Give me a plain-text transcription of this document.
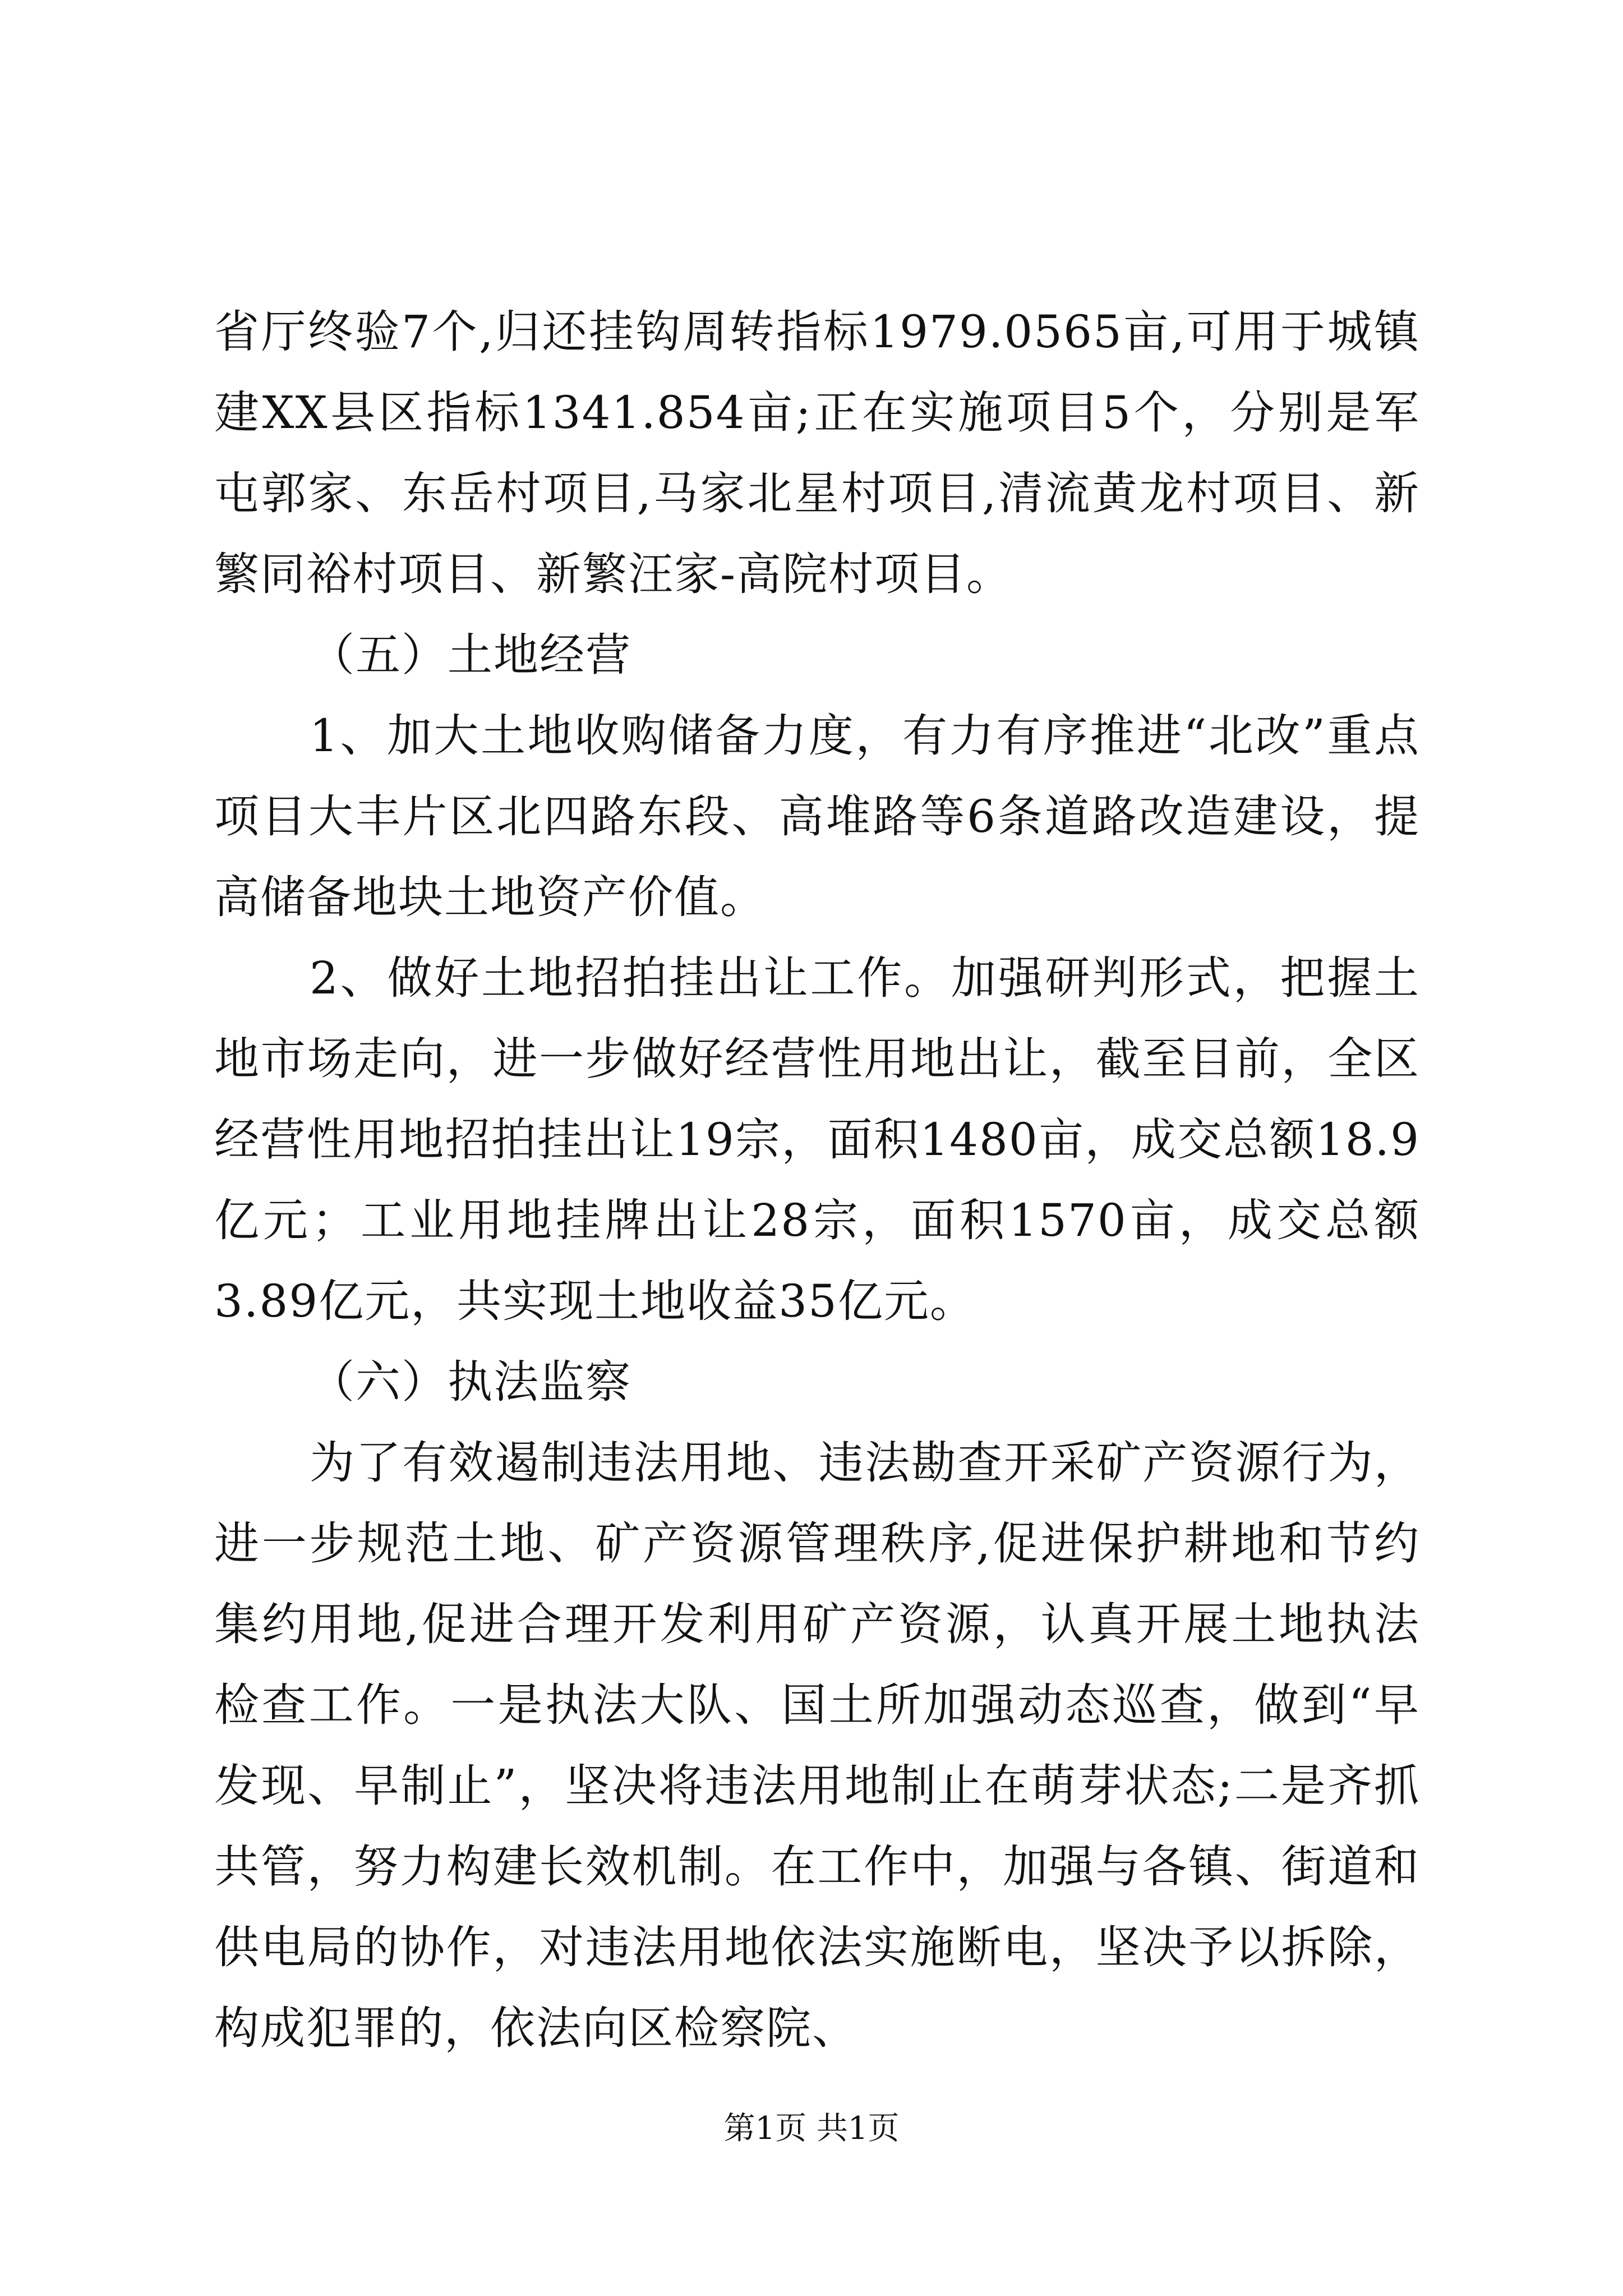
省厅终验7个,归还挂钩周转指标1979.0565亩,可用于城镇建XX县区指标1341.854亩;正在实施项目5个，分别是军屯郭家、东岳村项目,马家北星村项目,清流黄龙村项目、新繁同裕村项目、新繁汪家-高院村项目。

（五）土地经营

1、加大土地收购储备力度，有力有序推进“北改”重点项目大丰片区北四路东段、高堆路等6条道路改造建设，提高储备地块土地资产价值。

2、做好土地招拍挂出让工作。加强研判形式，把握土地市场走向，进一步做好经营性用地出让，截至目前，全区经营性用地招拍挂出让19宗，面积1480亩，成交总额18.9亿元；工业用地挂牌出让28宗，面积1570亩，成交总额3.89亿元，共实现土地收益35亿元。

（六）执法监察

为了有效遏制违法用地、违法勘查开采矿产资源行为，进一步规范土地、矿产资源管理秩序,促进保护耕地和节约集约用地,促进合理开发利用矿产资源，认真开展土地执法检查工作。一是执法大队、国土所加强动态巡查，做到“早发现、早制止”，坚决将违法用地制止在萌芽状态;二是齐抓共管，努力构建长效机制。在工作中，加强与各镇、街道和供电局的协作，对违法用地依法实施断电，坚决予以拆除，构成犯罪的，依法向区检察院、

第1页 共1页
